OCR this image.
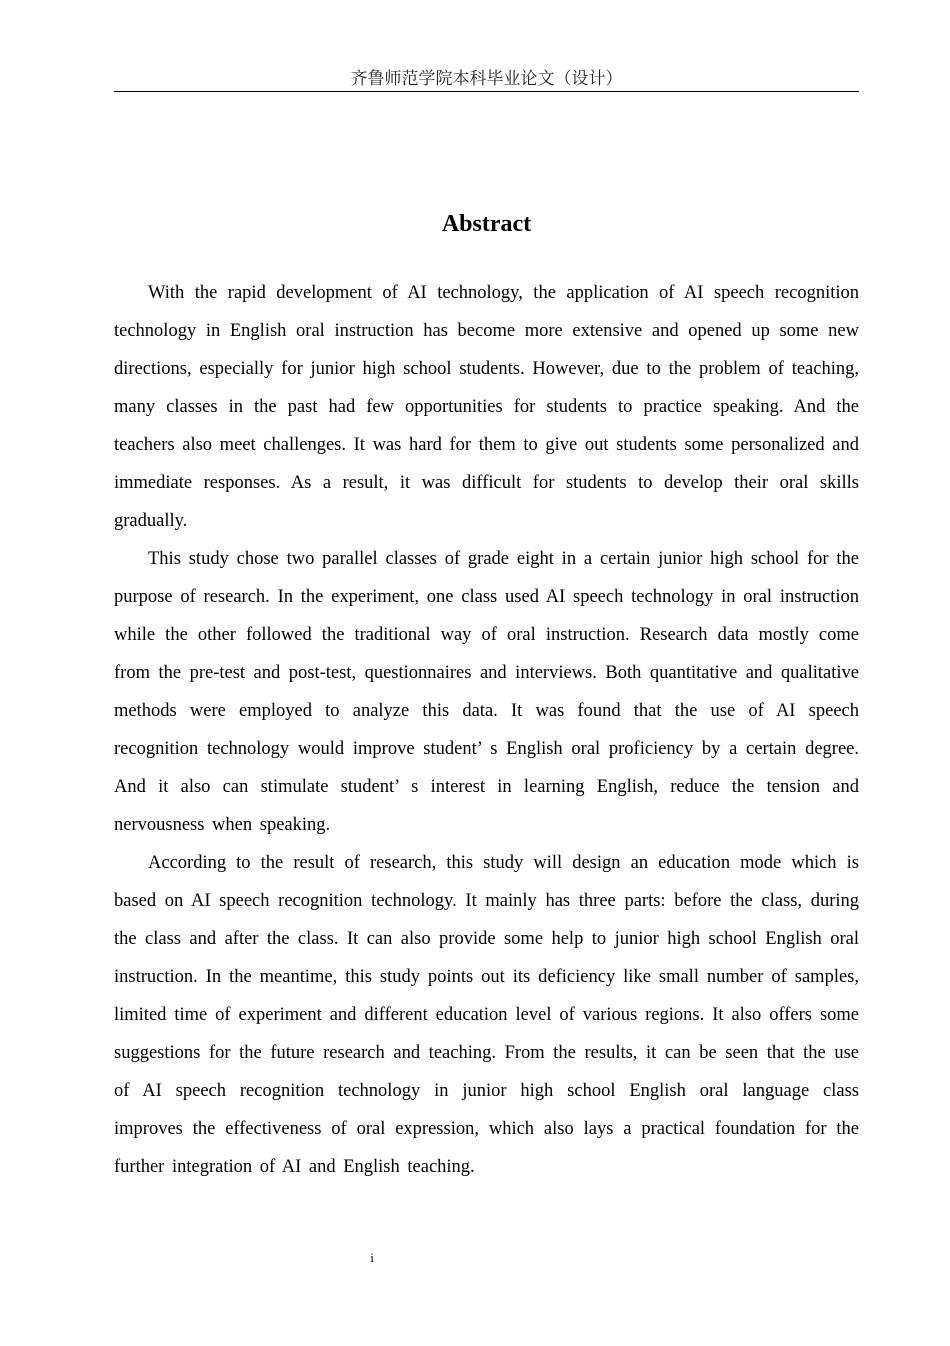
齐鲁师范学院本科毕业论文（设计）
Abstract

With the rapid development of AI technology, the application of AI speech recognition technology in English oral instruction has become more extensive and opened up some new directions, especially for junior high school students. However, due to the problem of teaching, many classes in the past had few opportunities for students to practice speaking. And the teachers also meet challenges. It was hard for them to give out students some personalized and immediate responses. As a result, it was difficult for students to develop their oral skills gradually.

This study chose two parallel classes of grade eight in a certain junior high school for the purpose of research. In the experiment, one class used AI speech technology in oral instruction while the other followed the traditional way of oral instruction. Research data mostly come from the pre-test and post-test, questionnaires and interviews. Both quantitative and qualitative methods were employed to analyze this data. It was found that the use of AI speech recognition technology would improve student’ s English oral proficiency by a certain degree. And it also can stimulate student’ s interest in learning English, reduce the tension and nervousness when speaking.

According to the result of research, this study will design an education mode which is based on AI speech recognition technology. It mainly has three parts: before the class, during the class and after the class. It can also provide some help to junior high school English oral instruction. In the meantime, this study points out its deficiency like small number of samples, limited time of experiment and different education level of various regions. It also offers some suggestions for the future research and teaching. From the results, it can be seen that the use of AI speech recognition technology in junior high school English oral language class improves the effectiveness of oral expression, which also lays a practical foundation for the further integration of AI and English teaching.

i
